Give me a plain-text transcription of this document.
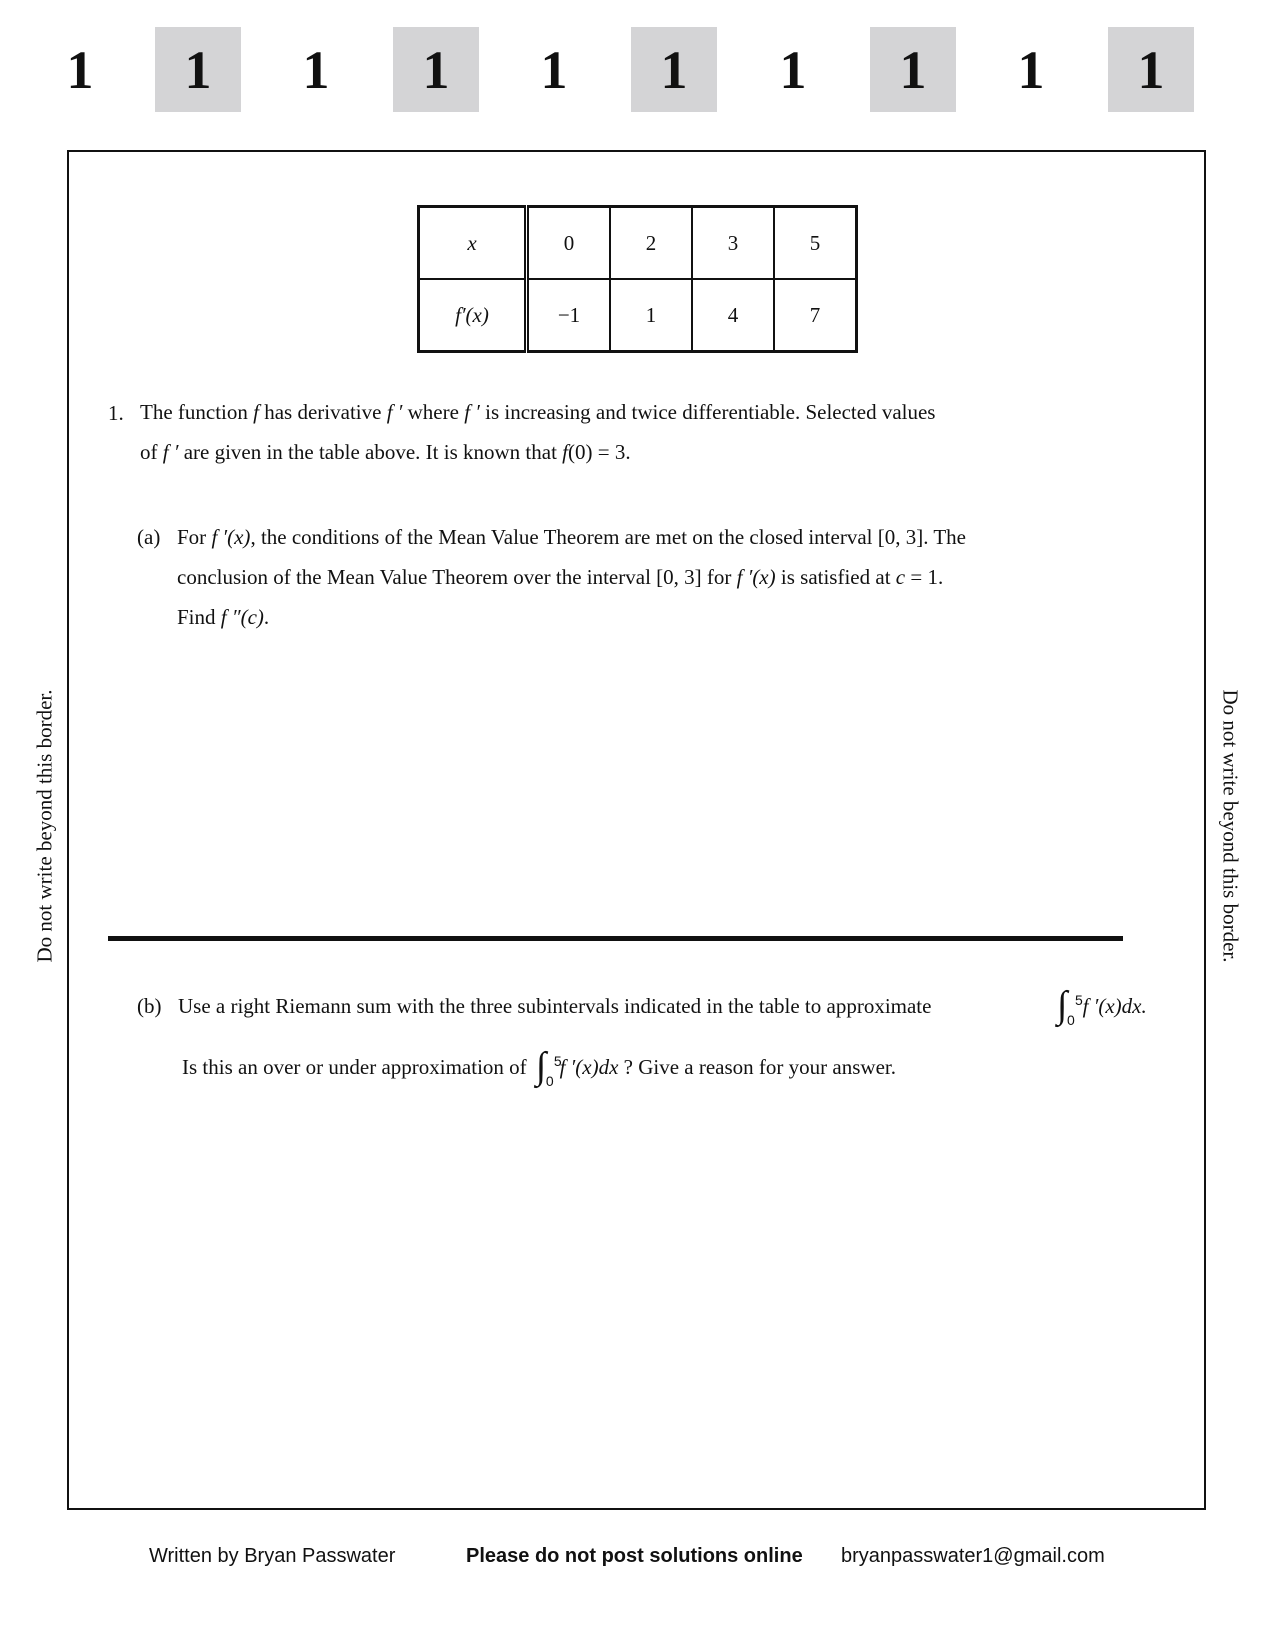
1	1	1	1	1	1	1	1	1	1
Do not write beyond this border.	Do not write beyond this border.
x	0	2	3	5
f′(x)	−1	1	4	7
1. The function f has derivative f ′ where f ′ is increasing and twice differentiable. Selected values
of f ′ are given in the table above. It is known that f(0) = 3.
(a) For f ′(x), the conditions of the Mean Value Theorem are met on the closed interval [0, 3]. The
conclusion of the Mean Value Theorem over the interval [0, 3] for f ′(x) is satisfied at c = 1.
Find f ″(c).
(b) Use a right Riemann sum with the three subintervals indicated in the table to approximate	∫ 5
0
f ′(x)dx.
Is this an over or under approximation of ∫ 5
0
f ′(x)dx ? Give a reason for your answer.
Written by Bryan Passwater	Please do not post solutions online bryanpasswater1@gmail.com
